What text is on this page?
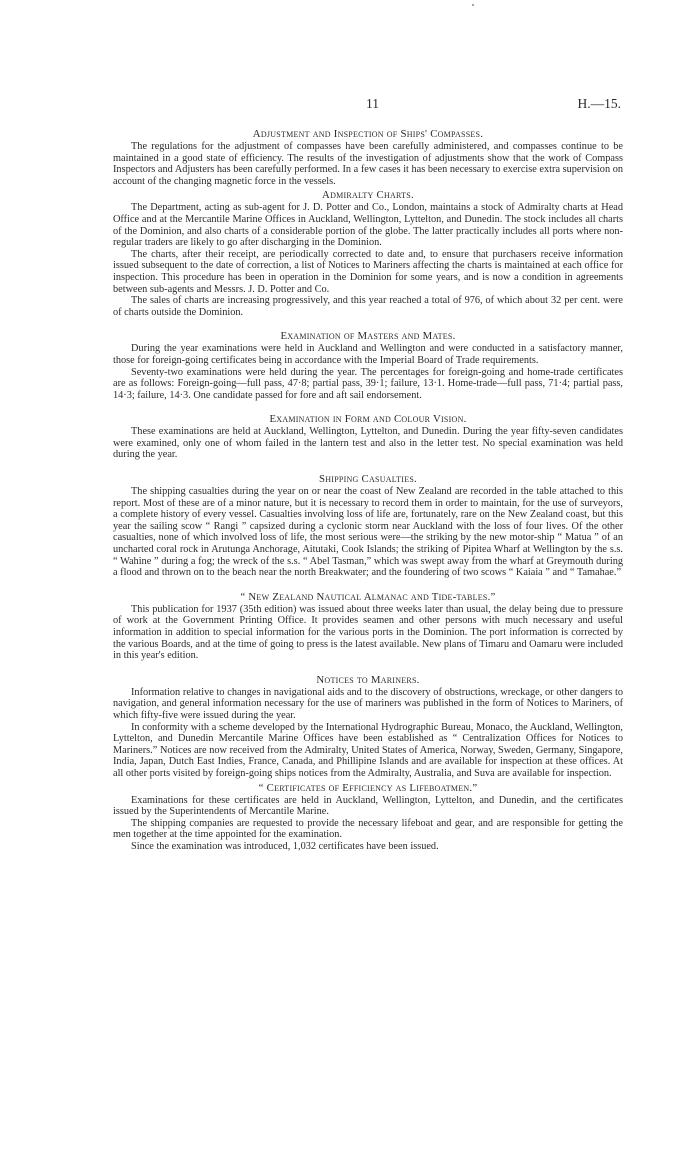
11	H.—15.
Adjustment and Inspection of Ships' Compasses.

The regulations for the adjustment of compasses have been carefully administered, and compasses continue to be maintained in a good state of efficiency. The results of the investigation of adjustments show that the work of Compass Inspectors and Adjusters has been carefully performed. In a few cases it has been necessary to exercise extra supervision on account of the changing magnetic force in the vessels.

Admiralty Charts.

The Department, acting as sub-agent for J. D. Potter and Co., London, maintains a stock of Admiralty charts at Head Office and at the Mercantile Marine Offices in Auckland, Wellington, Lyttelton, and Dunedin. The stock includes all charts of the Dominion, and also charts of a considerable portion of the globe. The latter practically includes all ports where non-regular traders are likely to go after discharging in the Dominion.

The charts, after their receipt, are periodically corrected to date and, to ensure that purchasers receive information issued subsequent to the date of correction, a list of Notices to Mariners affecting the charts is maintained at each office for inspection. This procedure has been in operation in the Dominion for some years, and is now a condition in agreements between sub-agents and Messrs. J. D. Potter and Co.

The sales of charts are increasing progressively, and this year reached a total of 976, of which about 32 per cent. were of charts outside the Dominion.

Examination of Masters and Mates.

During the year examinations were held in Auckland and Wellington and were conducted in a satisfactory manner, those for foreign-going certificates being in accordance with the Imperial Board of Trade requirements.

Seventy-two examinations were held during the year. The percentages for foreign-going and home-trade certificates are as follows: Foreign-going—full pass, 47·8; partial pass, 39·1; failure, 13·1. Home-trade—full pass, 71·4; partial pass, 14·3; failure, 14·3. One candidate passed for fore and aft sail endorsement.

Examination in Form and Colour Vision.

These examinations are held at Auckland, Wellington, Lyttelton, and Dunedin. During the year fifty-seven candidates were examined, only one of whom failed in the lantern test and also in the letter test. No special examination was held during the year.

Shipping Casualties.

The shipping casualties during the year on or near the coast of New Zealand are recorded in the table attached to this report. Most of these are of a minor nature, but it is necessary to record them in order to maintain, for the use of surveyors, a complete history of every vessel. Casualties involving loss of life are, fortunately, rare on the New Zealand coast, but this year the sailing scow “ Rangi ” capsized during a cyclonic storm near Auckland with the loss of four lives. Of the other casualties, none of which involved loss of life, the most serious were—the striking by the new motor-ship “ Matua ” of an uncharted coral rock in Arutunga Anchorage, Aitutaki, Cook Islands; the striking of Pipitea Wharf at Wellington by the s.s. “ Wahine ” during a fog; the wreck of the s.s. “ Abel Tasman,” which was swept away from the wharf at Greymouth during a flood and thrown on to the beach near the north Breakwater; and the foundering of two scows “ Kaiaia ” and “ Tamahae.”

“ New Zealand Nautical Almanac and Tide-tables.”

This publication for 1937 (35th edition) was issued about three weeks later than usual, the delay being due to pressure of work at the Government Printing Office. It provides seamen and other persons with much necessary and useful information in addition to special information for the various ports in the Dominion. The port information is corrected by the various Boards, and at the time of going to press is the latest available. New plans of Timaru and Oamaru were included in this year's edition.

Notices to Mariners.

Information relative to changes in navigational aids and to the discovery of obstructions, wreckage, or other dangers to navigation, and general information necessary for the use of mariners was published in the form of Notices to Mariners, of which fifty-five were issued during the year.

In conformity with a scheme developed by the International Hydrographic Bureau, Monaco, the Auckland, Wellington, Lyttelton, and Dunedin Mercantile Marine Offices have been established as “ Centralization Offices for Notices to Mariners.” Notices are now received from the Admiralty, United States of America, Norway, Sweden, Germany, Singapore, India, Japan, Dutch East Indies, France, Canada, and Phillipine Islands and are available for inspection at these offices. At all other ports visited by foreign-going ships notices from the Admiralty, Australia, and Suva are available for inspection.

“ Certificates of Efficiency as Lifeboatmen.”

Examinations for these certificates are held in Auckland, Wellington, Lyttelton, and Dunedin, and the certificates issued by the Superintendents of Mercantile Marine.

The shipping companies are requested to provide the necessary lifeboat and gear, and are responsible for getting the men together at the time appointed for the examination.

Since the examination was introduced, 1,032 certificates have been issued.
